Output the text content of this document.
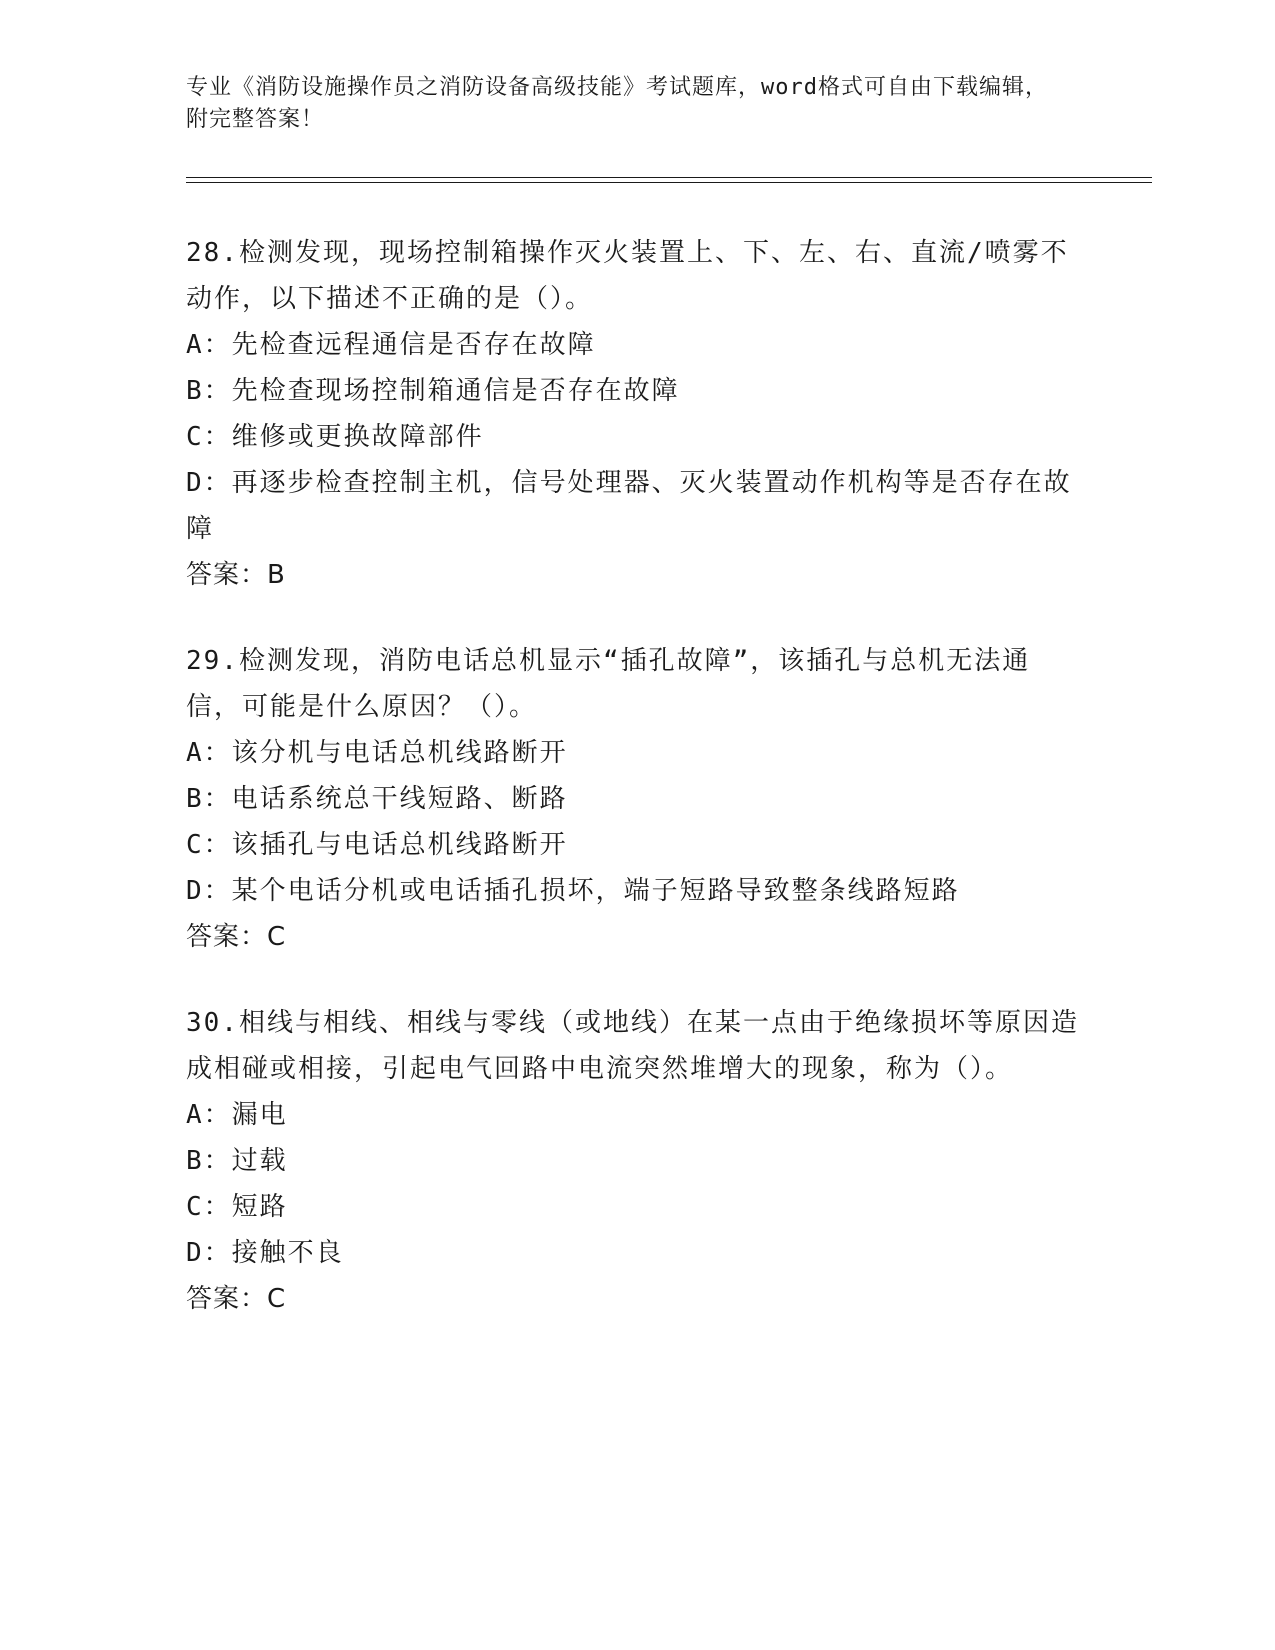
专业《消防设施操作员之消防设备高级技能》考试题库，word格式可自由下载编辑，附完整答案！
28.检测发现，现场控制箱操作灭火装置上、下、左、右、直流/喷雾不动作，以下描述不正确的是（）。
A：先检查远程通信是否存在故障
B：先检查现场控制箱通信是否存在故障
C：维修或更换故障部件
D：再逐步检查控制主机，信号处理器、灭火装置动作机构等是否存在故障
答案：B
29.检测发现，消防电话总机显示“插孔故障”，该插孔与总机无法通信，可能是什么原因？（）。
A：该分机与电话总机线路断开
B：电话系统总干线短路、断路
C：该插孔与电话总机线路断开
D：某个电话分机或电话插孔损坏，端子短路导致整条线路短路
答案：C
30.相线与相线、相线与零线（或地线）在某一点由于绝缘损坏等原因造成相碰或相接，引起电气回路中电流突然堆增大的现象，称为（）。
A：漏电
B：过载
C：短路
D：接触不良
答案：C
